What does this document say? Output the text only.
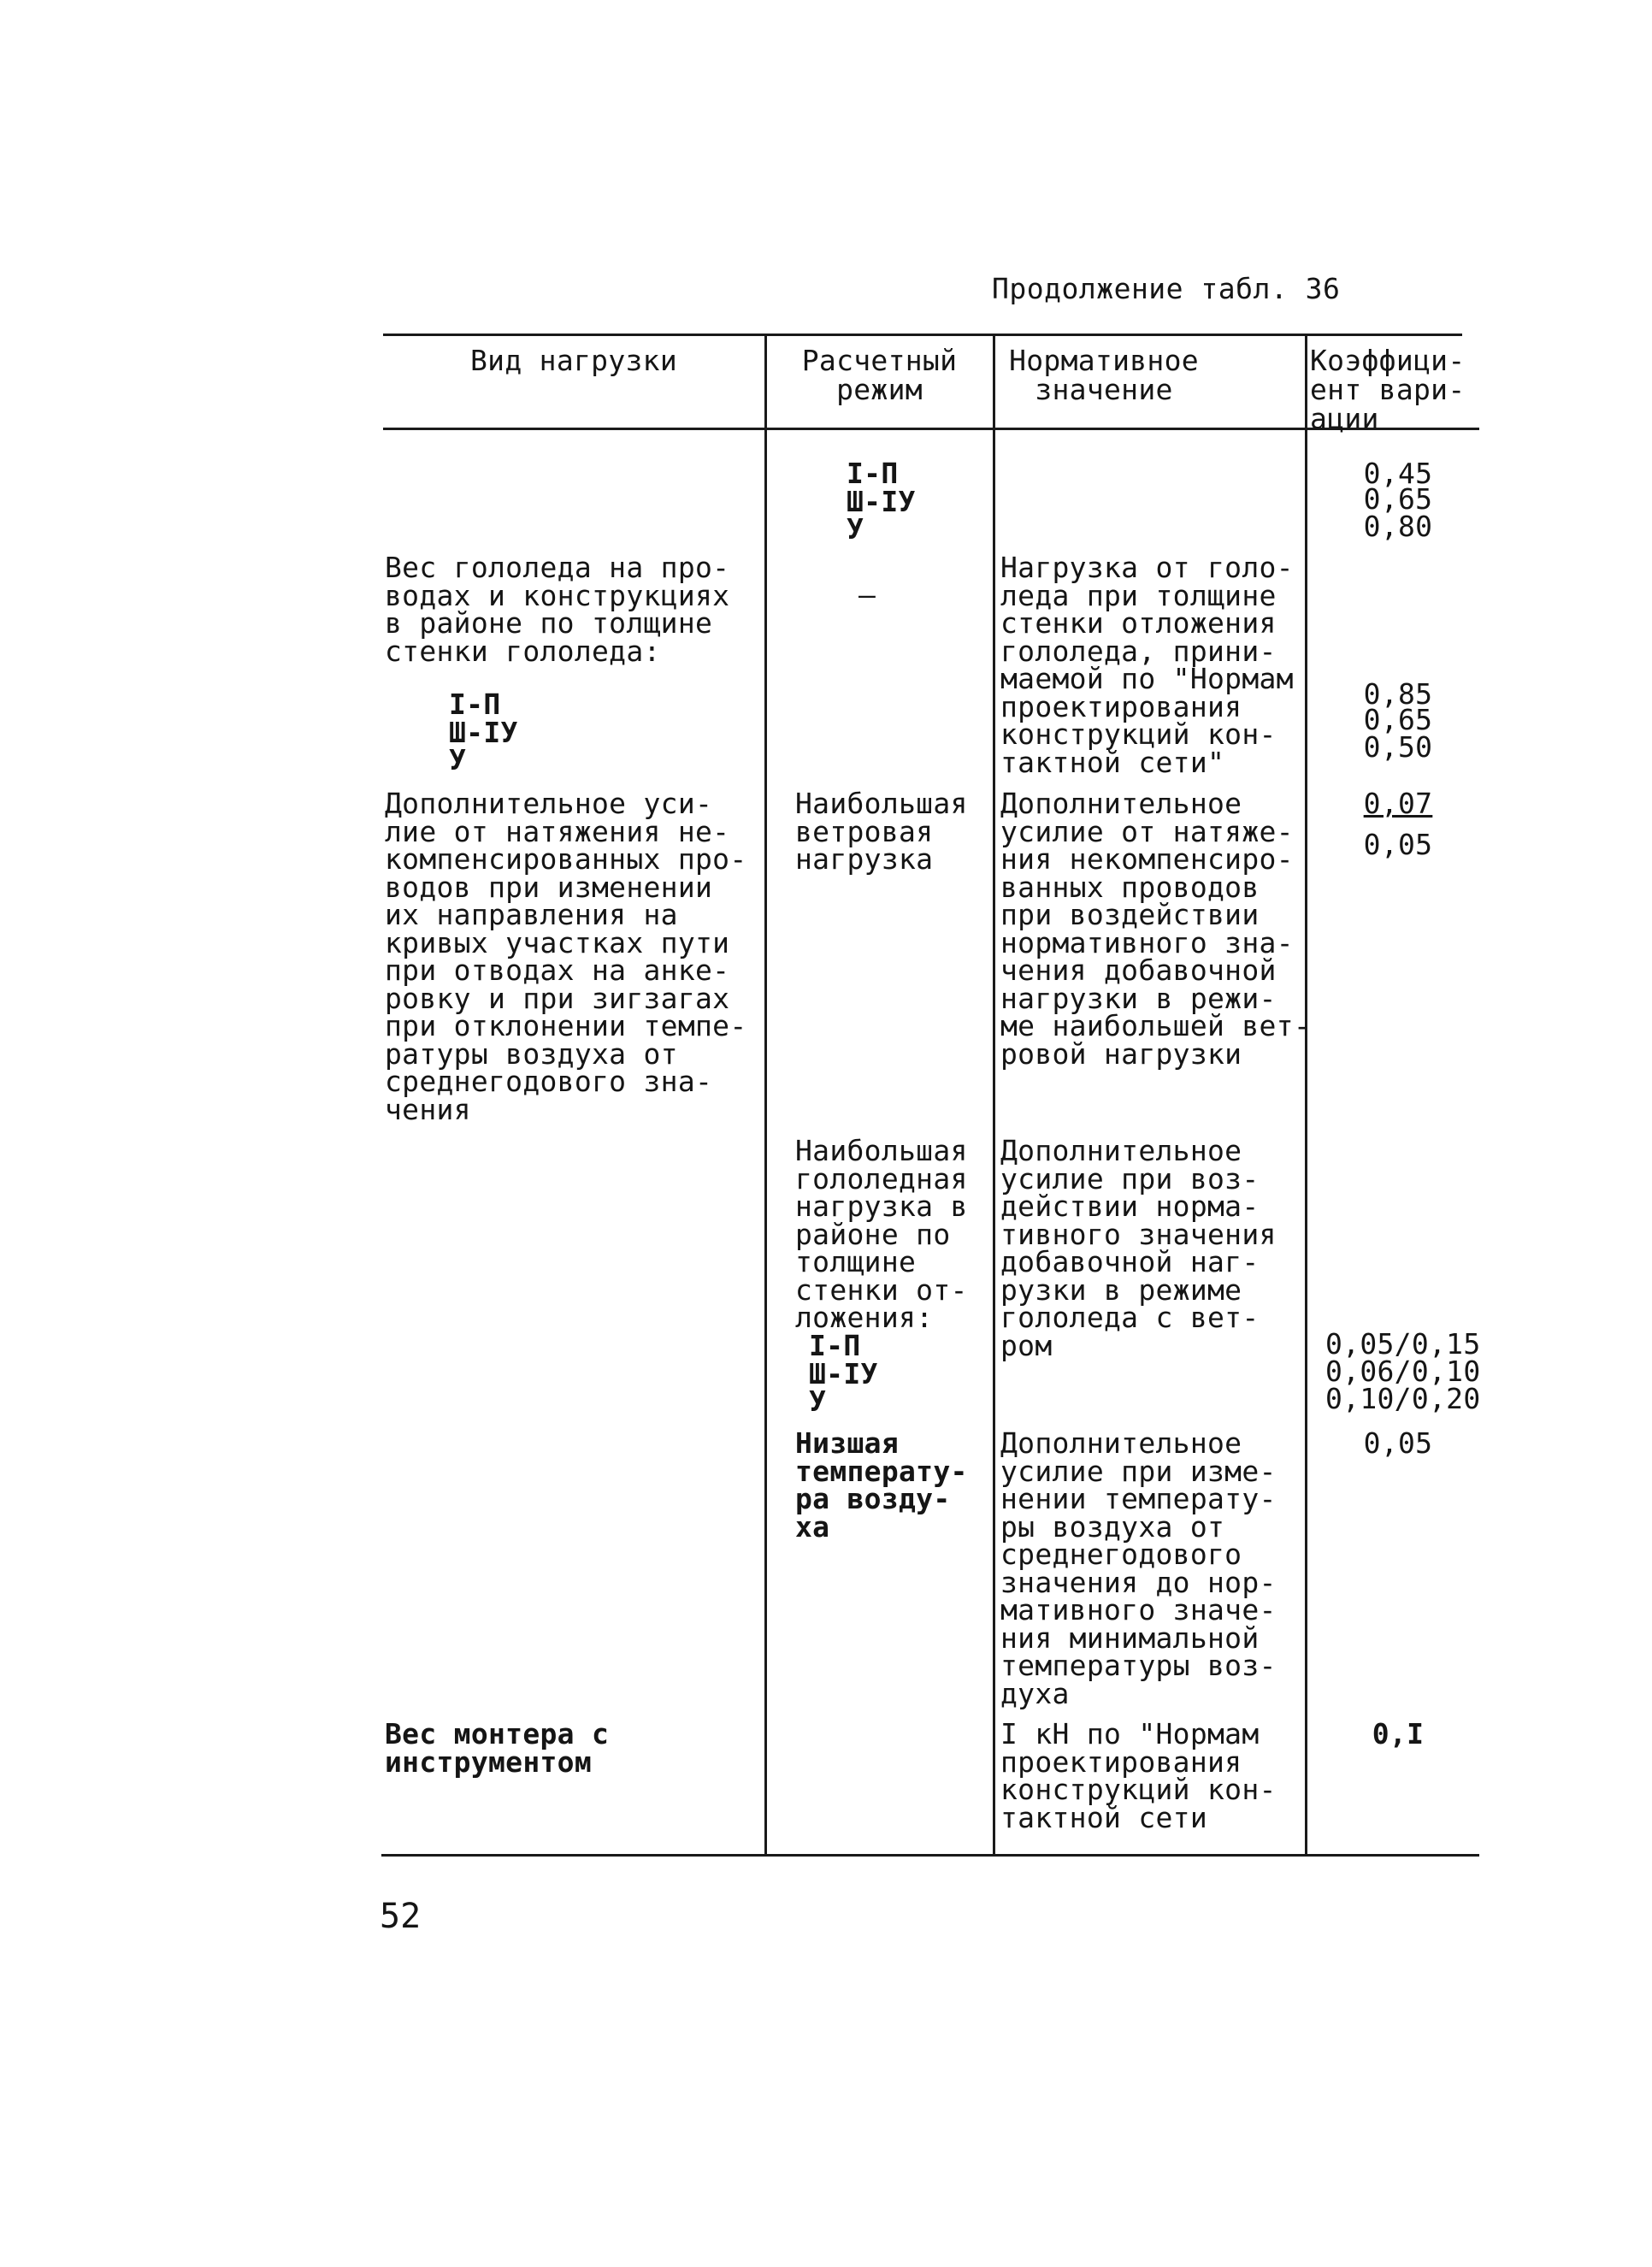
Продолжение табл. 36
Вид нагрузки	Расчетный
режим
Нормативное
значение
Коэффици-
ент вари-
ации
I-П
Ш-IУ
У
0,45
0,65
0,80
Вес гололеда на про-
водах и конструкциях
в районе по толщине
стенки гололеда:
I-П
Ш-IУ
У
—
Нагрузка от голо-
леда при толщине
стенки отложения
гололеда, прини-
маемой по "Нормам
проектирования
конструкций кон-
тактной сети"
0,85
0,65
0,50
Дополнительное уси-
лие от натяжения не-
компенсированных про-
водов при изменении
их направления на
кривых участках пути
при отводах на анке-
ровку и при зигзагах
при отклонении темпе-
ратуры воздуха от
среднегодового зна-
чения
Наибольшая
ветровая
нагрузка
Дополнительное
усилие от натяже-
ния некомпенсиро-
ванных проводов
при воздействии
нормативного зна-
чения добавочной
нагрузки в режи-
ме наибольшей вет-
ровой нагрузки
0,07
0,05
Наибольшая
гололедная
нагрузка в
районе по
толщине
стенки от-
ложения:
I-П
Ш-IУ
У
Дополнительное
усилие при воз-
действии норма-
тивного значения
добавочной наг-
рузки в режиме
гололеда с вет-
ром	0,05/0,15
0,06/0,10
0,10/0,20
Низшая
температу-
ра возду-
ха
Дополнительное
усилие при изме-
нении температу-
ры воздуха от
среднегодового
значения до нор-
мативного значе-
ния минимальной
температуры воз-
духа
0,05
Вес монтера с
инструментом
I кН по "Нормам
проектирования
конструкций кон-
тактной сети
0,I
52
